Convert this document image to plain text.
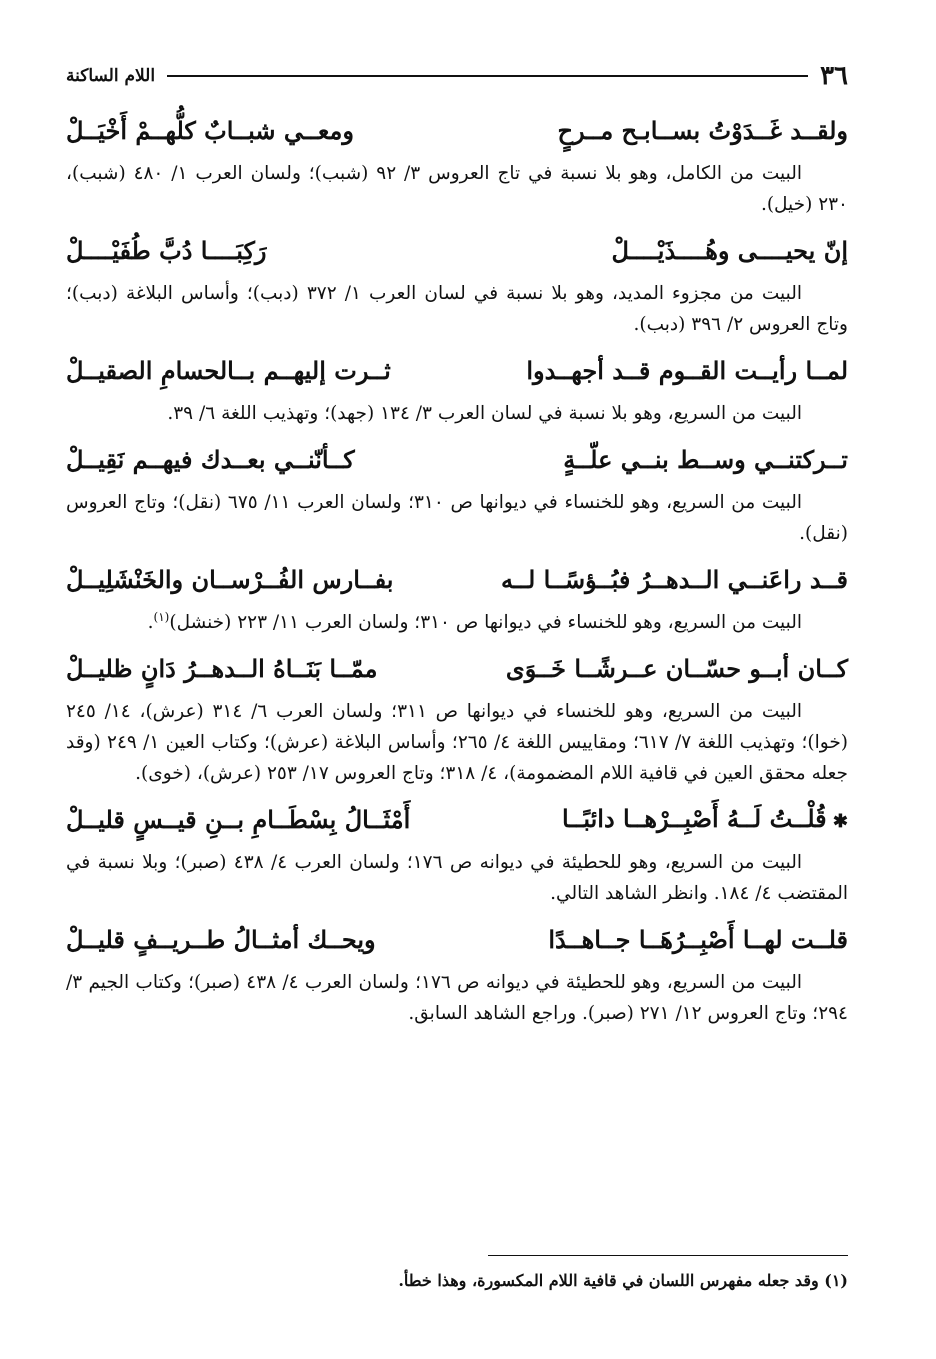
٣٦
اللام الساكنة
ولقــد غَــدَوْتُ بســابـح مــرحٍ
ومعــي شبــابٌ كلُّهــمْ أَخْيَــلْ

البيت من الكامل، وهو بلا نسبة في تاج العروس ٣/ ٩٢ (شبب)؛ ولسان العرب ١/ ٤٨٠ (شبب)، ٢٣٠ (خيل).

إنّ يحيــــى وهُــــذَيْــــلْ
رَكِبَــــا دُبَّ طُفَيْــــلْ

البيت من مجزوء المديد، وهو بلا نسبة في لسان العرب ١/ ٣٧٢ (دبب)؛ وأساس البلاغة (دبب)؛ وتاج العروس ٢/ ٣٩٦ (دبب).

لمــا رأيــت القــوم قــد أجهــدوا
ثــرت إليهــم بــالحسامِ الصقيــلْ

البيت من السريع، وهو بلا نسبة في لسان العرب ٣/ ١٣٤ (جهد)؛ وتهذيب اللغة ٦/ ٣٩.

تــركتنــي وســط بنــي علّــةٍ
كــأنّنــي بعــدك فيهــم نَقِيــلْ

البيت من السريع، وهو للخنساء في ديوانها ص ٣١٠؛ ولسان العرب ١١/ ٦٧٥ (نقل)؛ وتاج العروس (نقل).

قــد راعَنــي الــدهــرُ فبُــؤسًــا لــه
بفــارس الفُــرْســان والخَنْشَلِيــلْ

البيت من السريع، وهو للخنساء في ديوانها ص ٣١٠؛ ولسان العرب ١١/ ٢٢٣ (خنشل)$^{(١)}$.

كــان أبــو حسّــان عــرشًــا خَــوَى
ممّــا بَنَــاهُ الــدهــرُ دَانٍ ظليــلْ

البيت من السريع، وهو للخنساء في ديوانها ص ٣١١؛ ولسان العرب ٦/ ٣١٤ (عرش)، ١٤/ ٢٤٥ (خوا)؛ وتهذيب اللغة ٧/ ٦١٧؛ ومقاييس اللغة ٤/ ٢٦٥؛ وأساس البلاغة (عرش)؛ وكتاب العين ١/ ٢٤٩ (وقد جعله محقق العين في قافية اللام المضمومة)، ٤/ ٣١٨؛ وتاج العروس ١٧/ ٢٥٣ (عرش)، (خوى).

✱ قُلْــتُ لَــهُ أَصْبِــرْهــا دائبًــا
أَمْثَــالُ بِسْطَــامِ بــنِ قيــسٍ قليــلْ

البيت من السريع، وهو للحطيئة في ديوانه ص ١٧٦؛ ولسان العرب ٤/ ٤٣٨ (صبر)؛ وبلا نسبة في المقتضب ٤/ ١٨٤. وانظر الشاهد التالي.

قلــت لهــا أَصْبِــرُهَــا جــاهــدًا
ويحــك أمثــالُ طــريــفٍ قليــلْ

البيت من السريع، وهو للحطيئة في ديوانه ص ١٧٦؛ ولسان العرب ٤/ ٤٣٨ (صبر)؛ وكتاب الجيم ٣/ ٢٩٤؛ وتاج العروس ١٢/ ٢٧١ (صبر). وراجع الشاهد السابق.

(١) وقد جعله مفهرس اللسان في قافية اللام المكسورة، وهذا خطأ.
